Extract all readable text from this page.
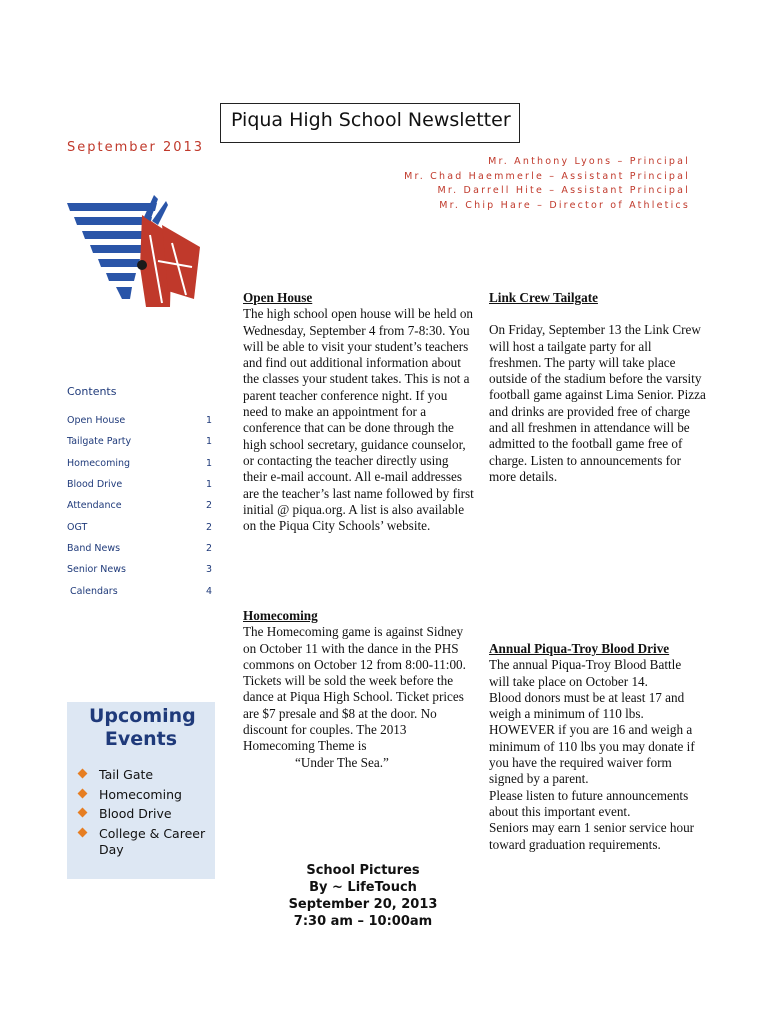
Piqua High School Newsletter
September 2013
Mr. Anthony Lyons – Principal
Mr. Chad Haemmerle – Assistant Principal
Mr. Darrell Hite – Assistant Principal
Mr. Chip Hare – Director of Athletics
Contents
Open House	1
Tailgate Party	1
Homecoming	1
Blood Drive	1
Attendance	2
OGT	2
Band News	2
Senior News	3
Calendars	4
Upcoming Events
Tail Gate
Homecoming
Blood Drive
College & Career Day
Open House
The high school open house will be held on Wednesday, September 4 from 7-8:30. You will be able to visit your student’s teachers and find out additional information about the classes your student takes. This is not a parent teacher conference night. If you need to make an appointment for a conference that can be done through the high school secretary, guidance counselor, or contacting the teacher directly using their e-mail account. All e-mail addresses are the teacher’s last name followed by first initial @ piqua.org. A list is also available on the Piqua City Schools’ website.
Homecoming
The Homecoming game is against Sidney on October 11 with the dance in the PHS commons on October 12 from 8:00-11:00. Tickets will be sold the week before the dance at Piqua High School. Ticket prices are $7 presale and $8 at the door. No discount for couples. The 2013 Homecoming Theme is
“Under The Sea.”
Link Crew Tailgate
On Friday, September 13 the Link Crew will host a tailgate party for all freshmen. The party will take place outside of the stadium before the varsity football game against Lima Senior. Pizza and drinks are provided free of charge and all freshmen in attendance will be admitted to the football game free of charge. Listen to announcements for more details.
Annual Piqua-Troy Blood Drive
The annual Piqua-Troy Blood Battle will take place on October 14.
Blood donors must be at least 17 and weigh a minimum of 110 lbs. HOWEVER if you are 16 and weigh a minimum of 110 lbs you may donate if you have the required waiver form signed by a parent.
Please listen to future announcements about this important event.
Seniors may earn 1 senior service hour toward graduation requirements.
School Pictures
By ~ LifeTouch
September 20, 2013
7:30 am – 10:00am
